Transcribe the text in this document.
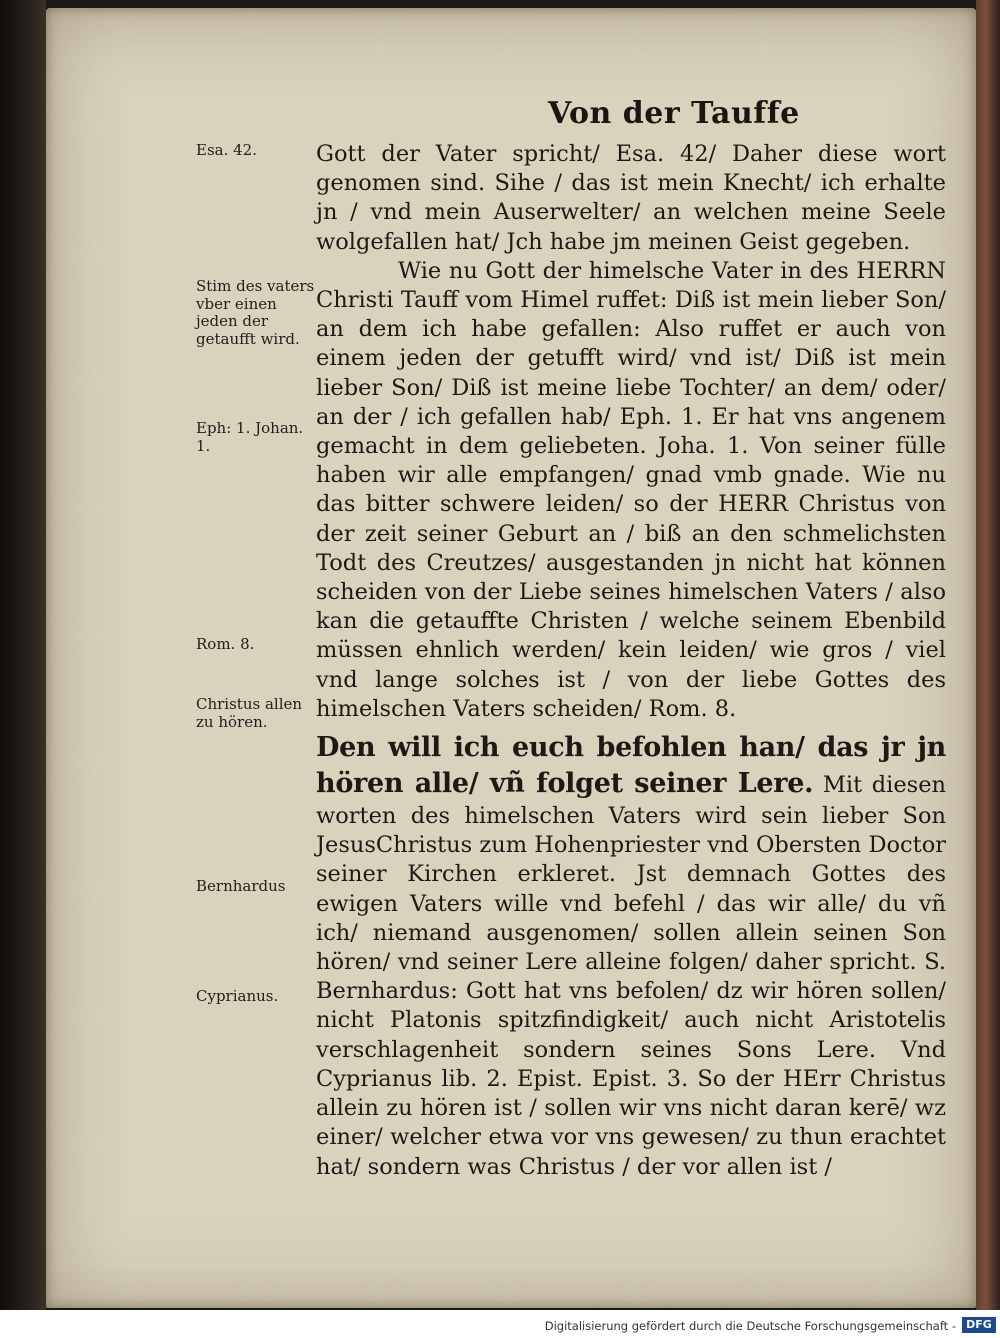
Von der Tauffe
Esa. 42.
Stim des vaters vber einen jeden der getaufft wird.
Eph: 1. Johan. 1.
Rom. 8.
Christus allen zu hören.
Bernhardus
Cyprianus.

Gott der Vater spricht/ Esa. 42/ Daher diese wort genomen sind. Sihe / das ist mein Knecht/ ich erhalte jn / vnd mein Auserwelter/ an welchen meine Seele wolgefallen hat/ Jch habe jm meinen Geist gegeben.

Wie nu Gott der himelsche Vater in des HERRN Christi Tauff vom Himel ruffet: Diß ist mein lieber Son/ an dem ich habe gefallen: Also ruffet er auch von einem jeden der getufft wird/ vnd ist/ Diß ist mein lieber Son/ Diß ist meine liebe Tochter/ an dem/ oder/ an der / ich gefallen hab/ Eph. 1. Er hat vns angenem gemacht in dem geliebeten. Joha. 1. Von seiner fülle haben wir alle empfangen/ gnad vmb gnade. Wie nu das bitter schwere leiden/ so der HERR Christus von der zeit seiner Geburt an / biß an den schmelichsten Todt des Creutzes/ ausgestanden jn nicht hat können scheiden von der Liebe seines himelschen Vaters / also kan die getauffte Christen / welche seinem Ebenbild müssen ehnlich werden/ kein leiden/ wie gros / viel vnd lange solches ist / von der liebe Gottes des himelschen Vaters scheiden/ Rom. 8.

Den will ich euch befohlen han/ das jr jn hören alle/ vñ folget seiner Lere. Mit diesen worten des himelschen Vaters wird sein lieber Son JesusChristus zum Hohenpriester vnd Obersten Doctor seiner Kirchen erkleret. Jst demnach Gottes des ewigen Vaters wille vnd befehl / das wir alle/ du vñ ich/ niemand ausgenomen/ sollen allein seinen Son hören/ vnd seiner Lere alleine folgen/ daher spricht. S. Bernhardus: Gott hat vns befolen/ dz wir hören sollen/ nicht Platonis spitzfindigkeit/ auch nicht Aristotelis verschlagenheit sondern seines Sons Lere. Vnd Cyprianus lib. 2. Epist. Epist. 3. So der HErr Christus allein zu hören ist / sollen wir vns nicht daran kerē/ wz einer/ welcher etwa vor vns gewesen/ zu thun erachtet hat/ sondern was Christus / der vor allen ist /

Digitalisierung gefördert durch die Deutsche Forschungsgemeinschaft - DFG
